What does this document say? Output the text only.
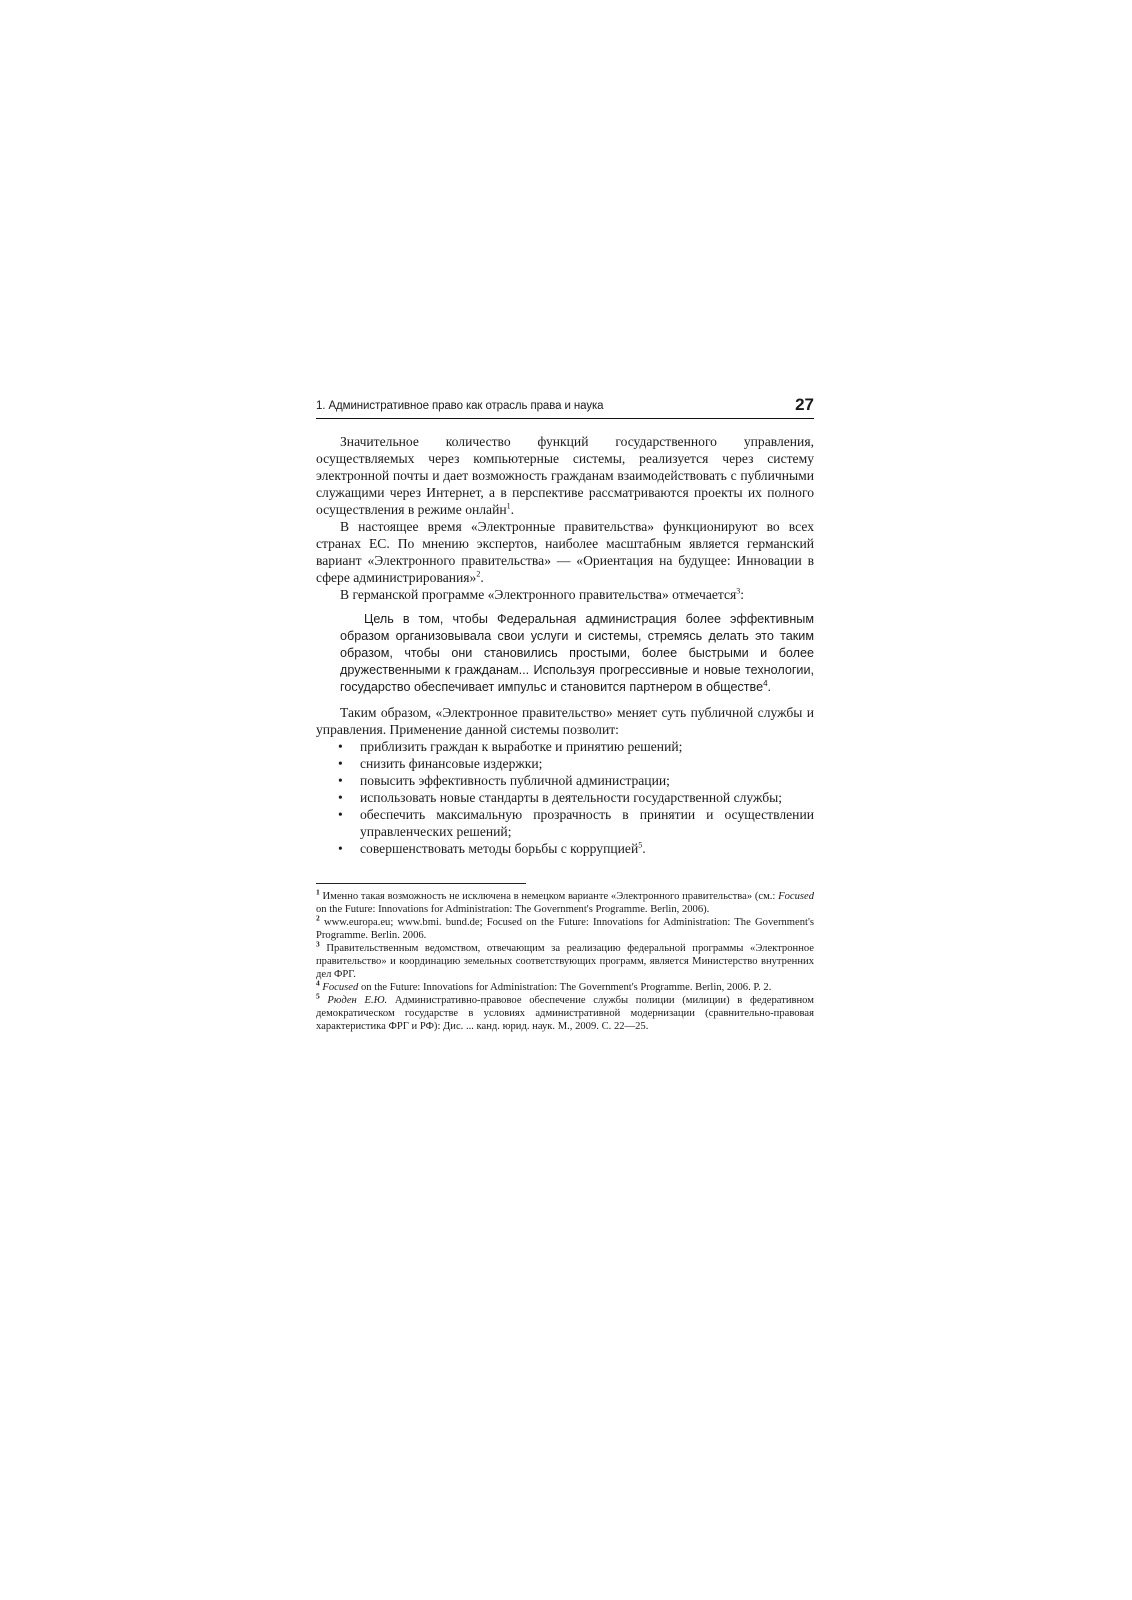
1. Административное право как отрасль права и наука	27

Значительное количество функций государственного управления, осуществляемых через компьютерные системы, реализуется через систему электронной почты и дает возможность гражданам взаимодействовать с публичными служащими через Интернет, а в перспективе рассматриваются проекты их полного осуществления в режиме онлайн$^1$.

В настоящее время «Электронные правительства» функционируют во всех странах ЕС. По мнению экспертов, наиболее масштабным является германский вариант «Электронного правительства» — «Ориентация на будущее: Инновации в сфере администрирования»$^2$.

В германской программе «Электронного правительства» отмечается$^3$:

Цель в том, чтобы Федеральная администрация более эффективным образом организовывала свои услуги и системы, стремясь делать это таким образом, чтобы они становились простыми, более быстрыми и более дружественными к гражданам... Используя прогрессивные и новые технологии, государство обеспечивает импульс и становится партнером в обществе$^4$.

Таким образом, «Электронное правительство» меняет суть публичной службы и управления. Применение данной системы позволит:

• приблизить граждан к выработке и принятию решений;
• снизить финансовые издержки;
• повысить эффективность публичной администрации;
• использовать новые стандарты в деятельности государственной службы;
• обеспечить максимальную прозрачность в принятии и осуществлении управленческих решений;
• совершенствовать методы борьбы с коррупцией$^5$.

$^1$ Именно такая возможность не исключена в немецком варианте «Электронного правительства» (см.: Focused on the Future: Innovations for Administration: The Government's Programme. Berlin, 2006).

$^2$ www.europa.eu; www.bmi. bund.de; Focused on the Future: Innovations for Administration: The Government's Programme. Berlin. 2006.

$^3$ Правительственным ведомством, отвечающим за реализацию федеральной программы «Электронное правительство» и координацию земельных соответствующих программ, является Министерство внутренних дел ФРГ.

$^4$ Focused on the Future: Innovations for Administration: The Government's Programme. Berlin, 2006. P. 2.

$^5$ Рюден Е.Ю. Административно-правовое обеспечение службы полиции (милиции) в федеративном демократическом государстве в условиях административной модернизации (сравнительно-правовая характеристика ФРГ и РФ): Дис. ... канд. юрид. наук. М., 2009. С. 22—25.
